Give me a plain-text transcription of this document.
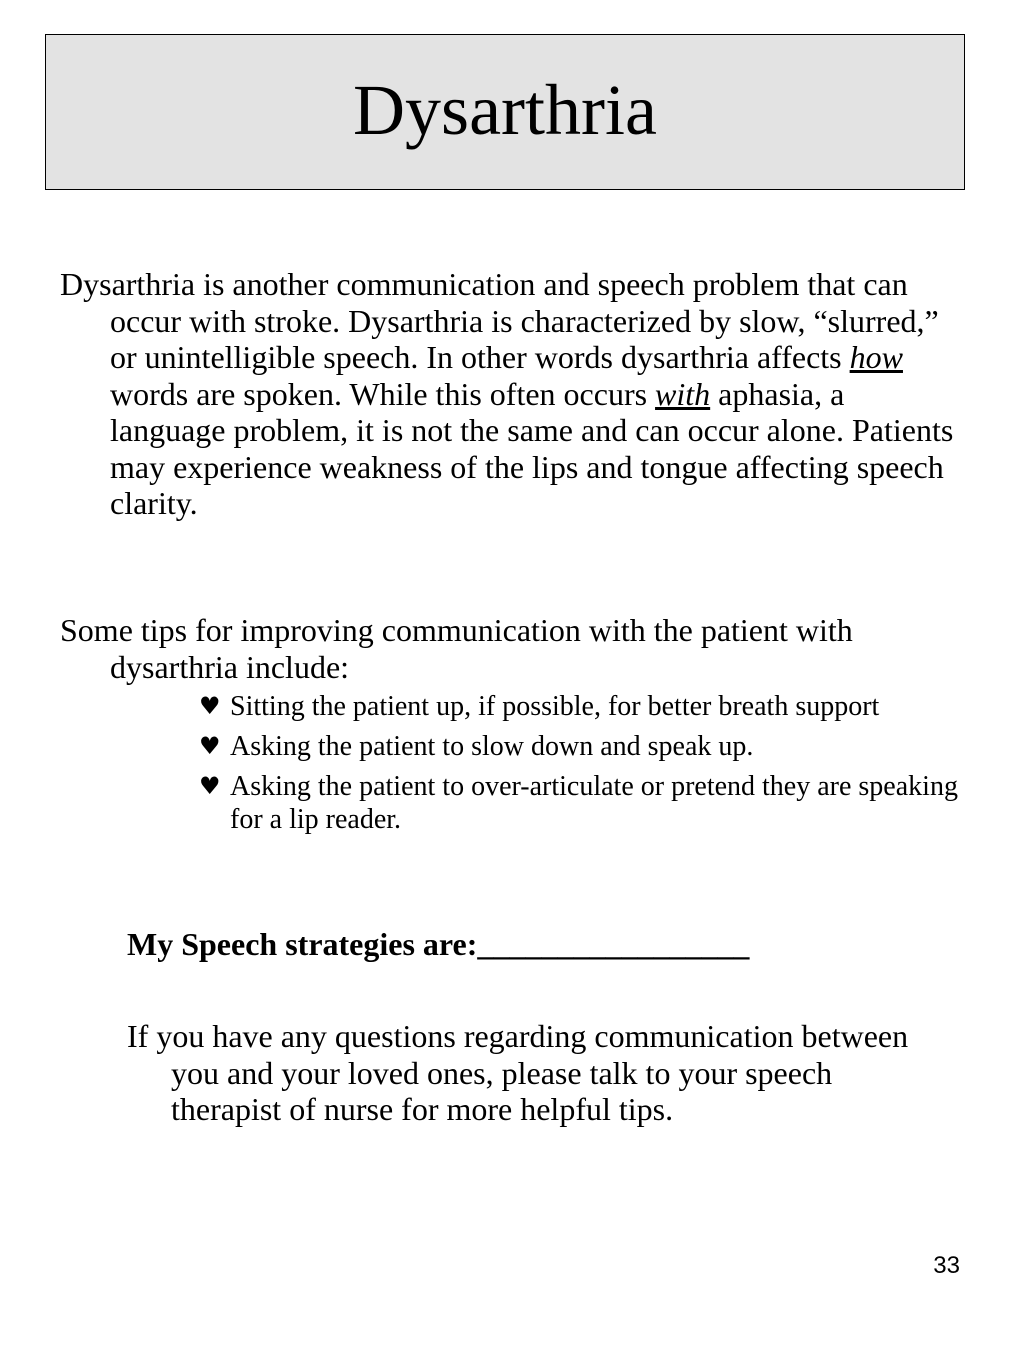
Dysarthria

Dysarthria is another communication and speech problem that can occur with stroke. Dysarthria is characterized by slow, “slurred,” or unintelligible speech. In other words dysarthria affects how words are spoken. While this often occurs with aphasia, a language problem, it is not the same and can occur alone. Patients may experience weakness of the lips and tongue affecting speech clarity.

Some tips for improving communication with the patient with dysarthria include:

♥ Sitting the patient up, if possible, for better breath support
♥ Asking the patient to slow down and speak up.
♥ Asking the patient to over-articulate or pretend they are speaking for a lip reader.

My Speech strategies are:_________________

If you have any questions regarding communication between you and your loved ones, please talk to your speech therapist of nurse for more helpful tips.

33
